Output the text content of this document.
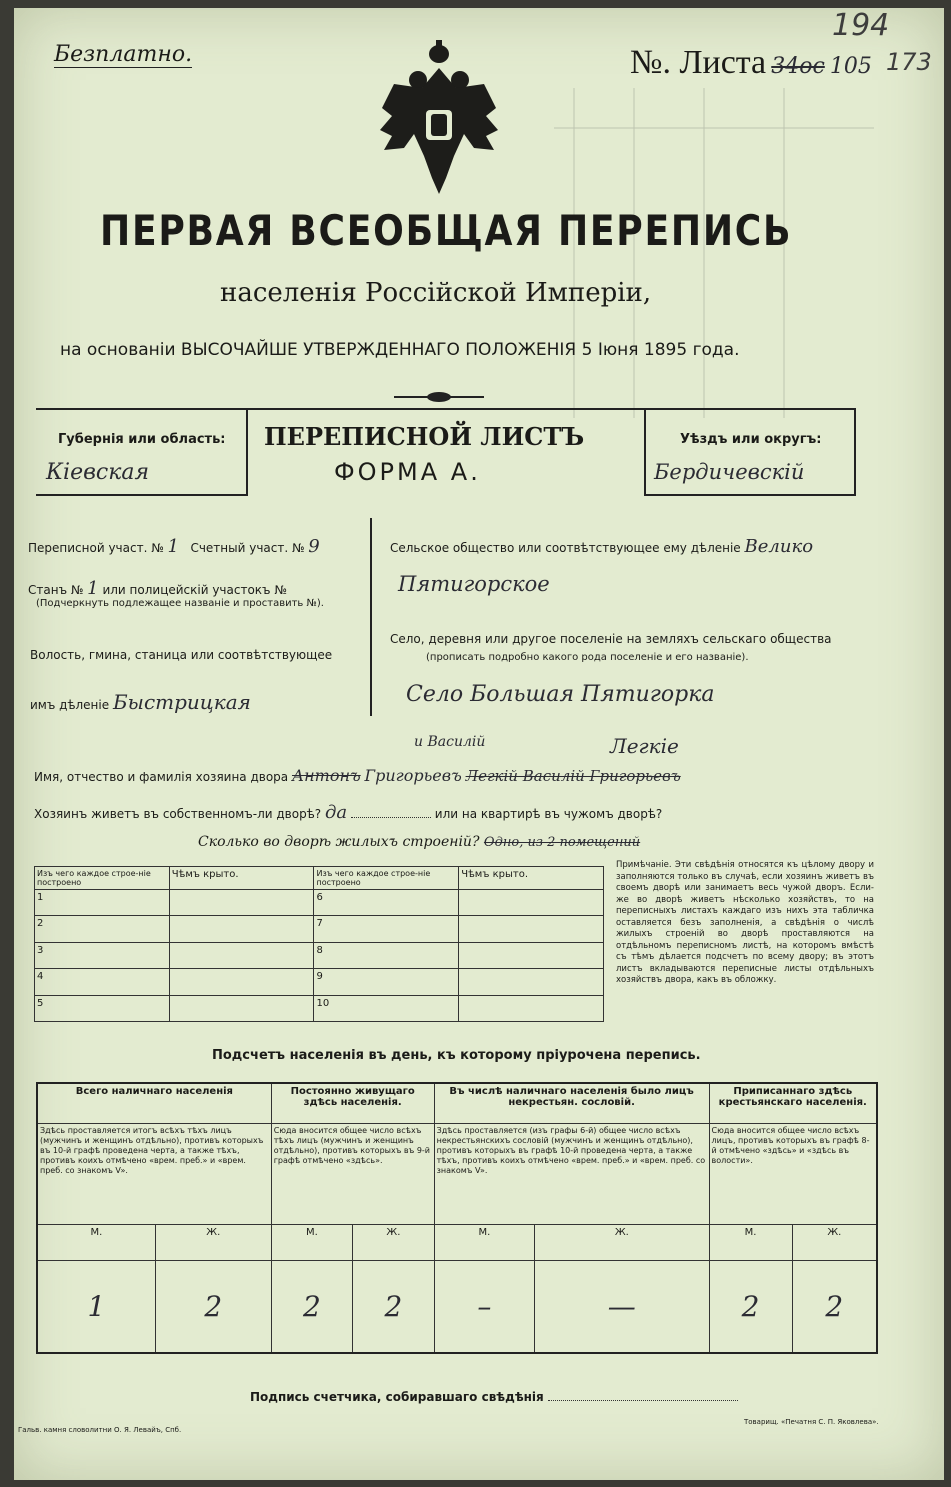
Безплатно.	№. Листа 34ос 105
194
173
ПЕРВАЯ ВСЕОБЩАЯ ПЕРЕПИСЬ
населенія Россійской Имперіи,
на основаніи ВЫСОЧАЙШЕ УТВЕРЖДЕННАГО ПОЛОЖЕНІЯ 5 Іюня 1895 года.
Губернія или область:
Кіевская
ПЕРЕПИСНОЙ ЛИСТЪ
ФОРМА А.
Уѣздъ или округъ:
Бердичевскій
Переписной участ. № 1 Счетный участ. № 9
Станъ № 1 или полицейскій участокъ №
(Подчеркнуть подлежащее названіе и проставить №).
Волость, гмина, станица или соотвѣтствующее
имъ дѣленіе Быстрицкая
Сельское общество или соотвѣтствующее ему дѣленіе Велико
Пятигорское
Село, деревня или другое поселеніе на земляхъ сельскаго общества
(прописать подробно какого рода поселеніе и его названіе).
Село Большая Пятигорка
и Василій	Легкіе
Имя, отчество и фамилія хозяина двора Антонъ Григорьевъ Легкій Василій Григорьевъ
Хозяинъ живетъ въ собственномъ-ли дворѣ? да	или на квартирѣ въ чужомъ дворѣ?
Сколько во дворѣ жилыхъ строеній? Одно, из 2 помещений
Изъ чего каждое строе-ніе построено	Чѣмъ крыто.	Изъ чего каждое строе-ніе построено	Чѣмъ крыто.
1		6	
2		7	
3		8	
4		9	
5		10	
Примѣчаніе. Эти свѣдѣнія относятся къ цѣлому двору и заполняются только въ случаѣ, если хозяинъ живетъ въ своемъ дворѣ или занимаетъ весь чужой дворъ. Если-же во дворѣ живетъ нѣсколько хозяйствъ, то на переписныхъ листахъ каждаго изъ нихъ эта табличка оставляется безъ заполненія, а свѣдѣнія о числѣ жилыхъ строеній во дворѣ проставляются на отдѣльномъ переписномъ листѣ, на которомъ вмѣстѣ съ тѣмъ дѣлается подсчетъ по всему двору; въ этотъ листъ вкладываются переписные листы отдѣльныхъ хозяйствъ двора, какъ въ обложку.
Подсчетъ населенія въ день, къ которому пріурочена перепись.
Всего наличнаго населенія		Постоянно живущаго здѣсь населенія.		Въ числѣ наличнаго населенія было лицъ некрестьян. сословій.		Приписаннаго здѣсь крестьянскаго населенія.	
Здѣсь проставляется итогъ всѣхъ тѣхъ лицъ (мужчинъ и женщинъ отдѣльно), противъ которыхъ въ 10-й графѣ проведена черта, а также тѣхъ, противъ коихъ отмѣчено «врем. преб.» и «врем. преб. со знакомъ V».		Сюда вносится общее число всѣхъ тѣхъ лицъ (мужчинъ и женщинъ отдѣльно), противъ которыхъ въ 9-й графѣ отмѣчено «здѣсь».		Здѣсь проставляется (изъ графы 6-й) общее число всѣхъ некрестьянскихъ сословій (мужчинъ и женщинъ отдѣльно), противъ которыхъ въ графѣ 10-й проведена черта, а также тѣхъ, противъ коихъ отмѣчено «врем. преб.» и «врем. преб. со знакомъ V».		Сюда вносится общее число всѣхъ лицъ, противъ которыхъ въ графѣ 8-й отмѣчено «здѣсь» и «здѣсь въ волости».	
М.	Ж.	М.	Ж.	М.	Ж.	М.	Ж.
1	2	2	2	–	—	2	2
Подпись счетчика, собиравшаго свѣдѣнія
Гальв. камня словолитни О. Я. Левайъ, Спб.
Товарищ. «Печатня С. П. Яковлева».
